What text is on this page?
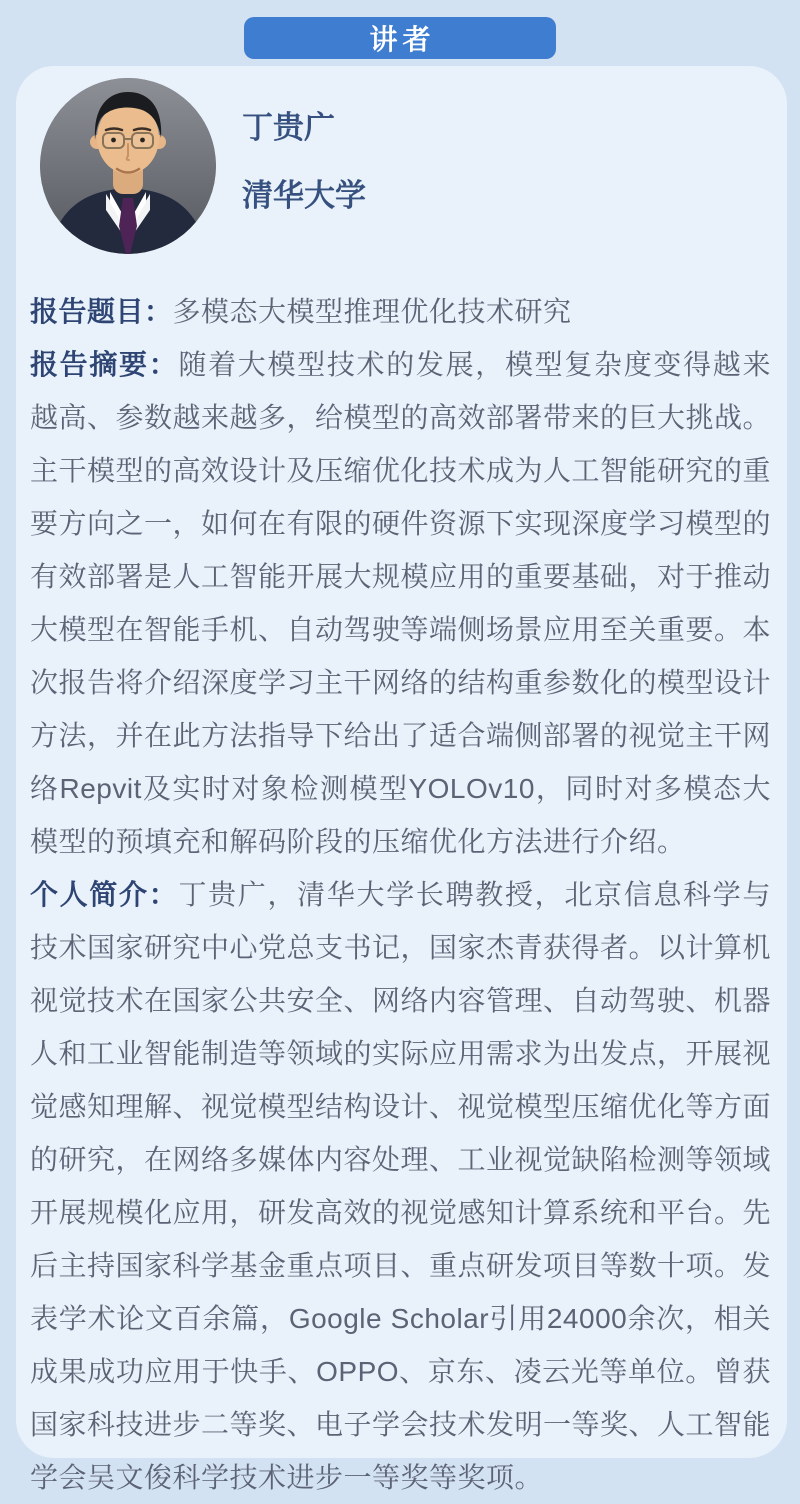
讲者

丁贵广

清华大学

报告题目：多模态大模型推理优化技术研究

报告摘要：随着大模型技术的发展，模型复杂度变得越来越高、参数越来越多，给模型的高效部署带来的巨大挑战。主干模型的高效设计及压缩优化技术成为人工智能研究的重要方向之一，如何在有限的硬件资源下实现深度学习模型的有效部署是人工智能开展大规模应用的重要基础，对于推动大模型在智能手机、自动驾驶等端侧场景应用至关重要。本次报告将介绍深度学习主干网络的结构重参数化的模型设计方法，并在此方法指导下给出了适合端侧部署的视觉主干网络Repvit及实时对象检测模型YOLOv10，同时对多模态大模型的预填充和解码阶段的压缩优化方法进行介绍。

个人简介：丁贵广，清华大学长聘教授，北京信息科学与技术国家研究中心党总支书记，国家杰青获得者。以计算机视觉技术在国家公共安全、网络内容管理、自动驾驶、机器人和工业智能制造等领域的实际应用需求为出发点，开展视觉感知理解、视觉模型结构设计、视觉模型压缩优化等方面的研究，在网络多媒体内容处理、工业视觉缺陷检测等领域开展规模化应用，研发高效的视觉感知计算系统和平台。先后主持国家科学基金重点项目、重点研发项目等数十项。发表学术论文百余篇，Google Scholar引用24000余次，相关成果成功应用于快手、OPPO、京东、凌云光等单位。曾获国家科技进步二等奖、电子学会技术发明一等奖、人工智能学会吴文俊科学技术进步一等奖等奖项。
